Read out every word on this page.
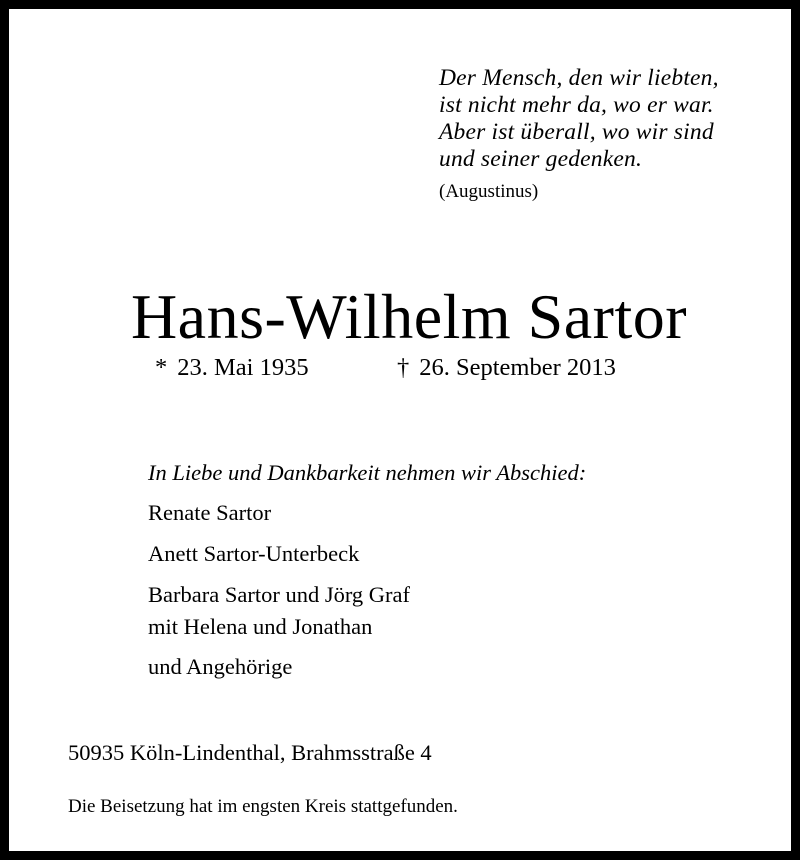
Der Mensch, den wir liebten,
ist nicht mehr da, wo er war.
Aber ist überall, wo wir sind
und seiner gedenken.
(Augustinus)
Hans-Wilhelm Sartor
* 23. Mai 1935	† 26. September 2013
In Liebe und Dankbarkeit nehmen wir Abschied:
Renate Sartor
Anett Sartor-Unterbeck
Barbara Sartor und Jörg Graf
mit Helena und Jonathan
und Angehörige
50935 Köln-Lindenthal, Brahmsstraße 4
Die Beisetzung hat im engsten Kreis stattgefunden.
